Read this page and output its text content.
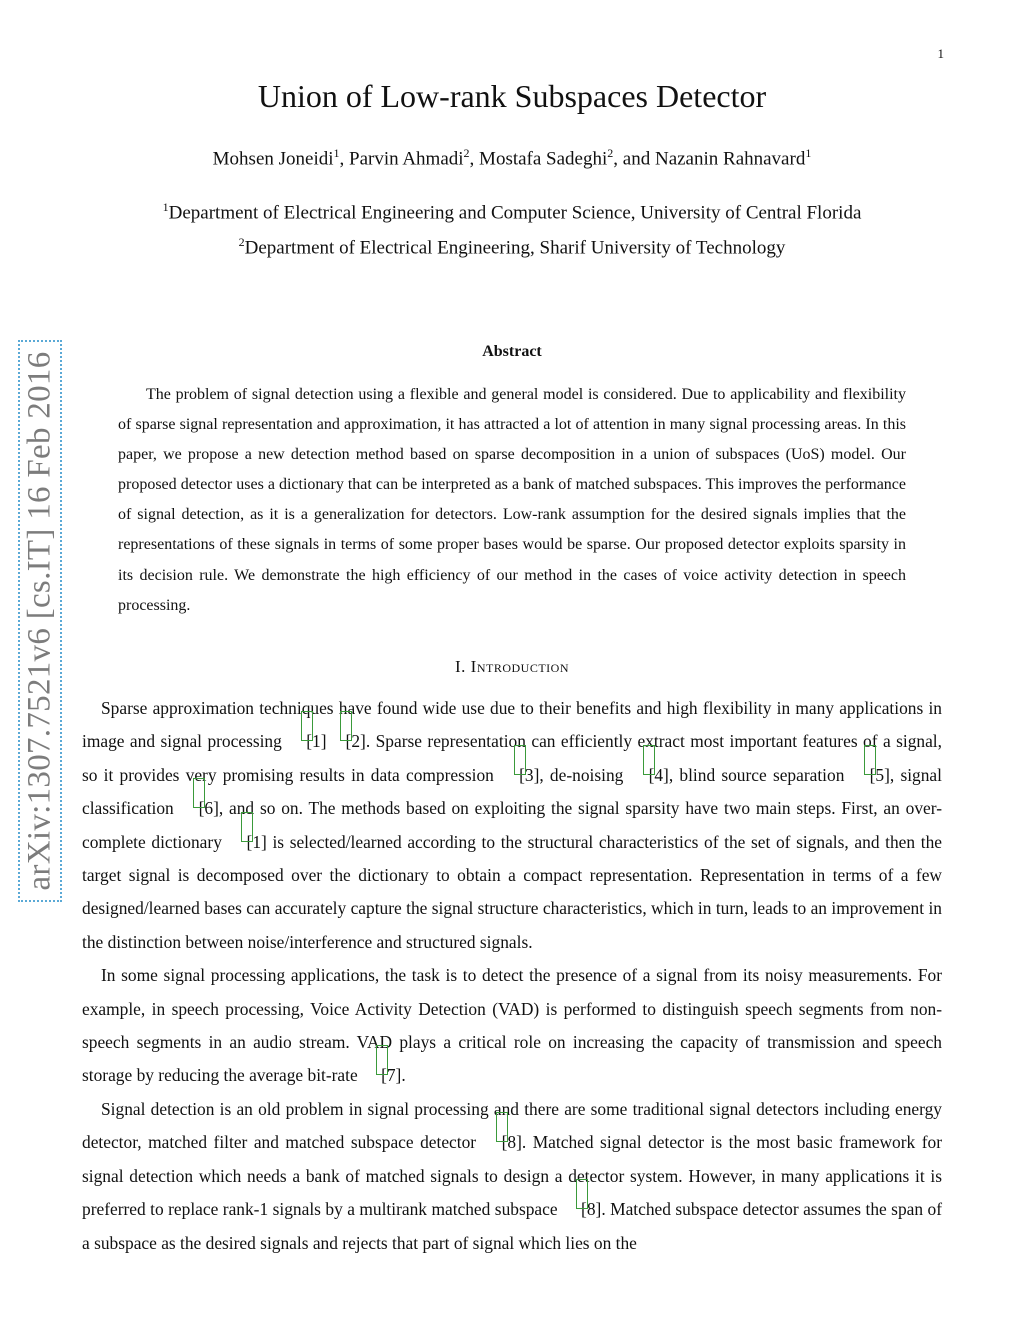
1
Union of Low-rank Subspaces Detector
Mohsen Joneidi$^1$, Parvin Ahmadi$^2$, Mostafa Sadeghi$^2$, and Nazanin Rahnavard$^1$
$^1$Department of Electrical Engineering and Computer Science, University of Central Florida
$^2$Department of Electrical Engineering, Sharif University of Technology
arXiv:1307.7521v6 [cs.IT] 16 Feb 2016	Abstract

The problem of signal detection using a flexible and general model is considered. Due to applicability and flexibility of sparse signal representation and approximation, it has attracted a lot of attention in many signal processing areas. In this paper, we propose a new detection method based on sparse decomposition in a union of subspaces (UoS) model. Our proposed detector uses a dictionary that can be interpreted as a bank of matched subspaces. This improves the performance of signal detection, as it is a generalization for detectors. Low-rank assumption for the desired signals implies that the representations of these signals in terms of some proper bases would be sparse. Our proposed detector exploits sparsity in its decision rule. We demonstrate the high efficiency of our method in the cases of voice activity detection in speech processing.

I. Introduction

Sparse approximation techniques have found wide use due to their benefits and high flexibility in many applications in image and signal processing [1] [2]
. Sparse representation can efficiently extract most important features of a signal, so it provides very promising results in data compression [3]
, de-noising [4]
, blind source separation [5]
, signal classification [6]
, and so on. The methods based on exploiting the signal sparsity have two main steps. First, an over-complete dictionary [1]
is selected/learned according to the structural characteristics of the set of signals, and then the target signal is decomposed over the dictionary to obtain a compact representation. Representation in terms of a few designed/learned bases can accurately capture the signal structure characteristics, which in turn, leads to an improvement in the distinction between noise/interference and structured signals.

In some signal processing applications, the task is to detect the presence of a signal from its noisy measurements. For example, in speech processing, Voice Activity Detection (VAD) is performed to distinguish speech segments from non-speech segments in an audio stream. VAD plays a critical role on increasing the capacity of transmission and speech storage by reducing the average bit-rate [7]
.

Signal detection is an old problem in signal processing and there are some traditional signal detectors including energy detector, matched filter and matched subspace detector [8]
. Matched signal detector is the most basic framework for signal detection which needs a bank of matched signals to design a detector system. However, in many applications it is preferred to replace rank-1 signals by a multirank matched subspace [8]
. Matched subspace detector assumes the span of a subspace as the desired signals and rejects that part of signal which lies on the
